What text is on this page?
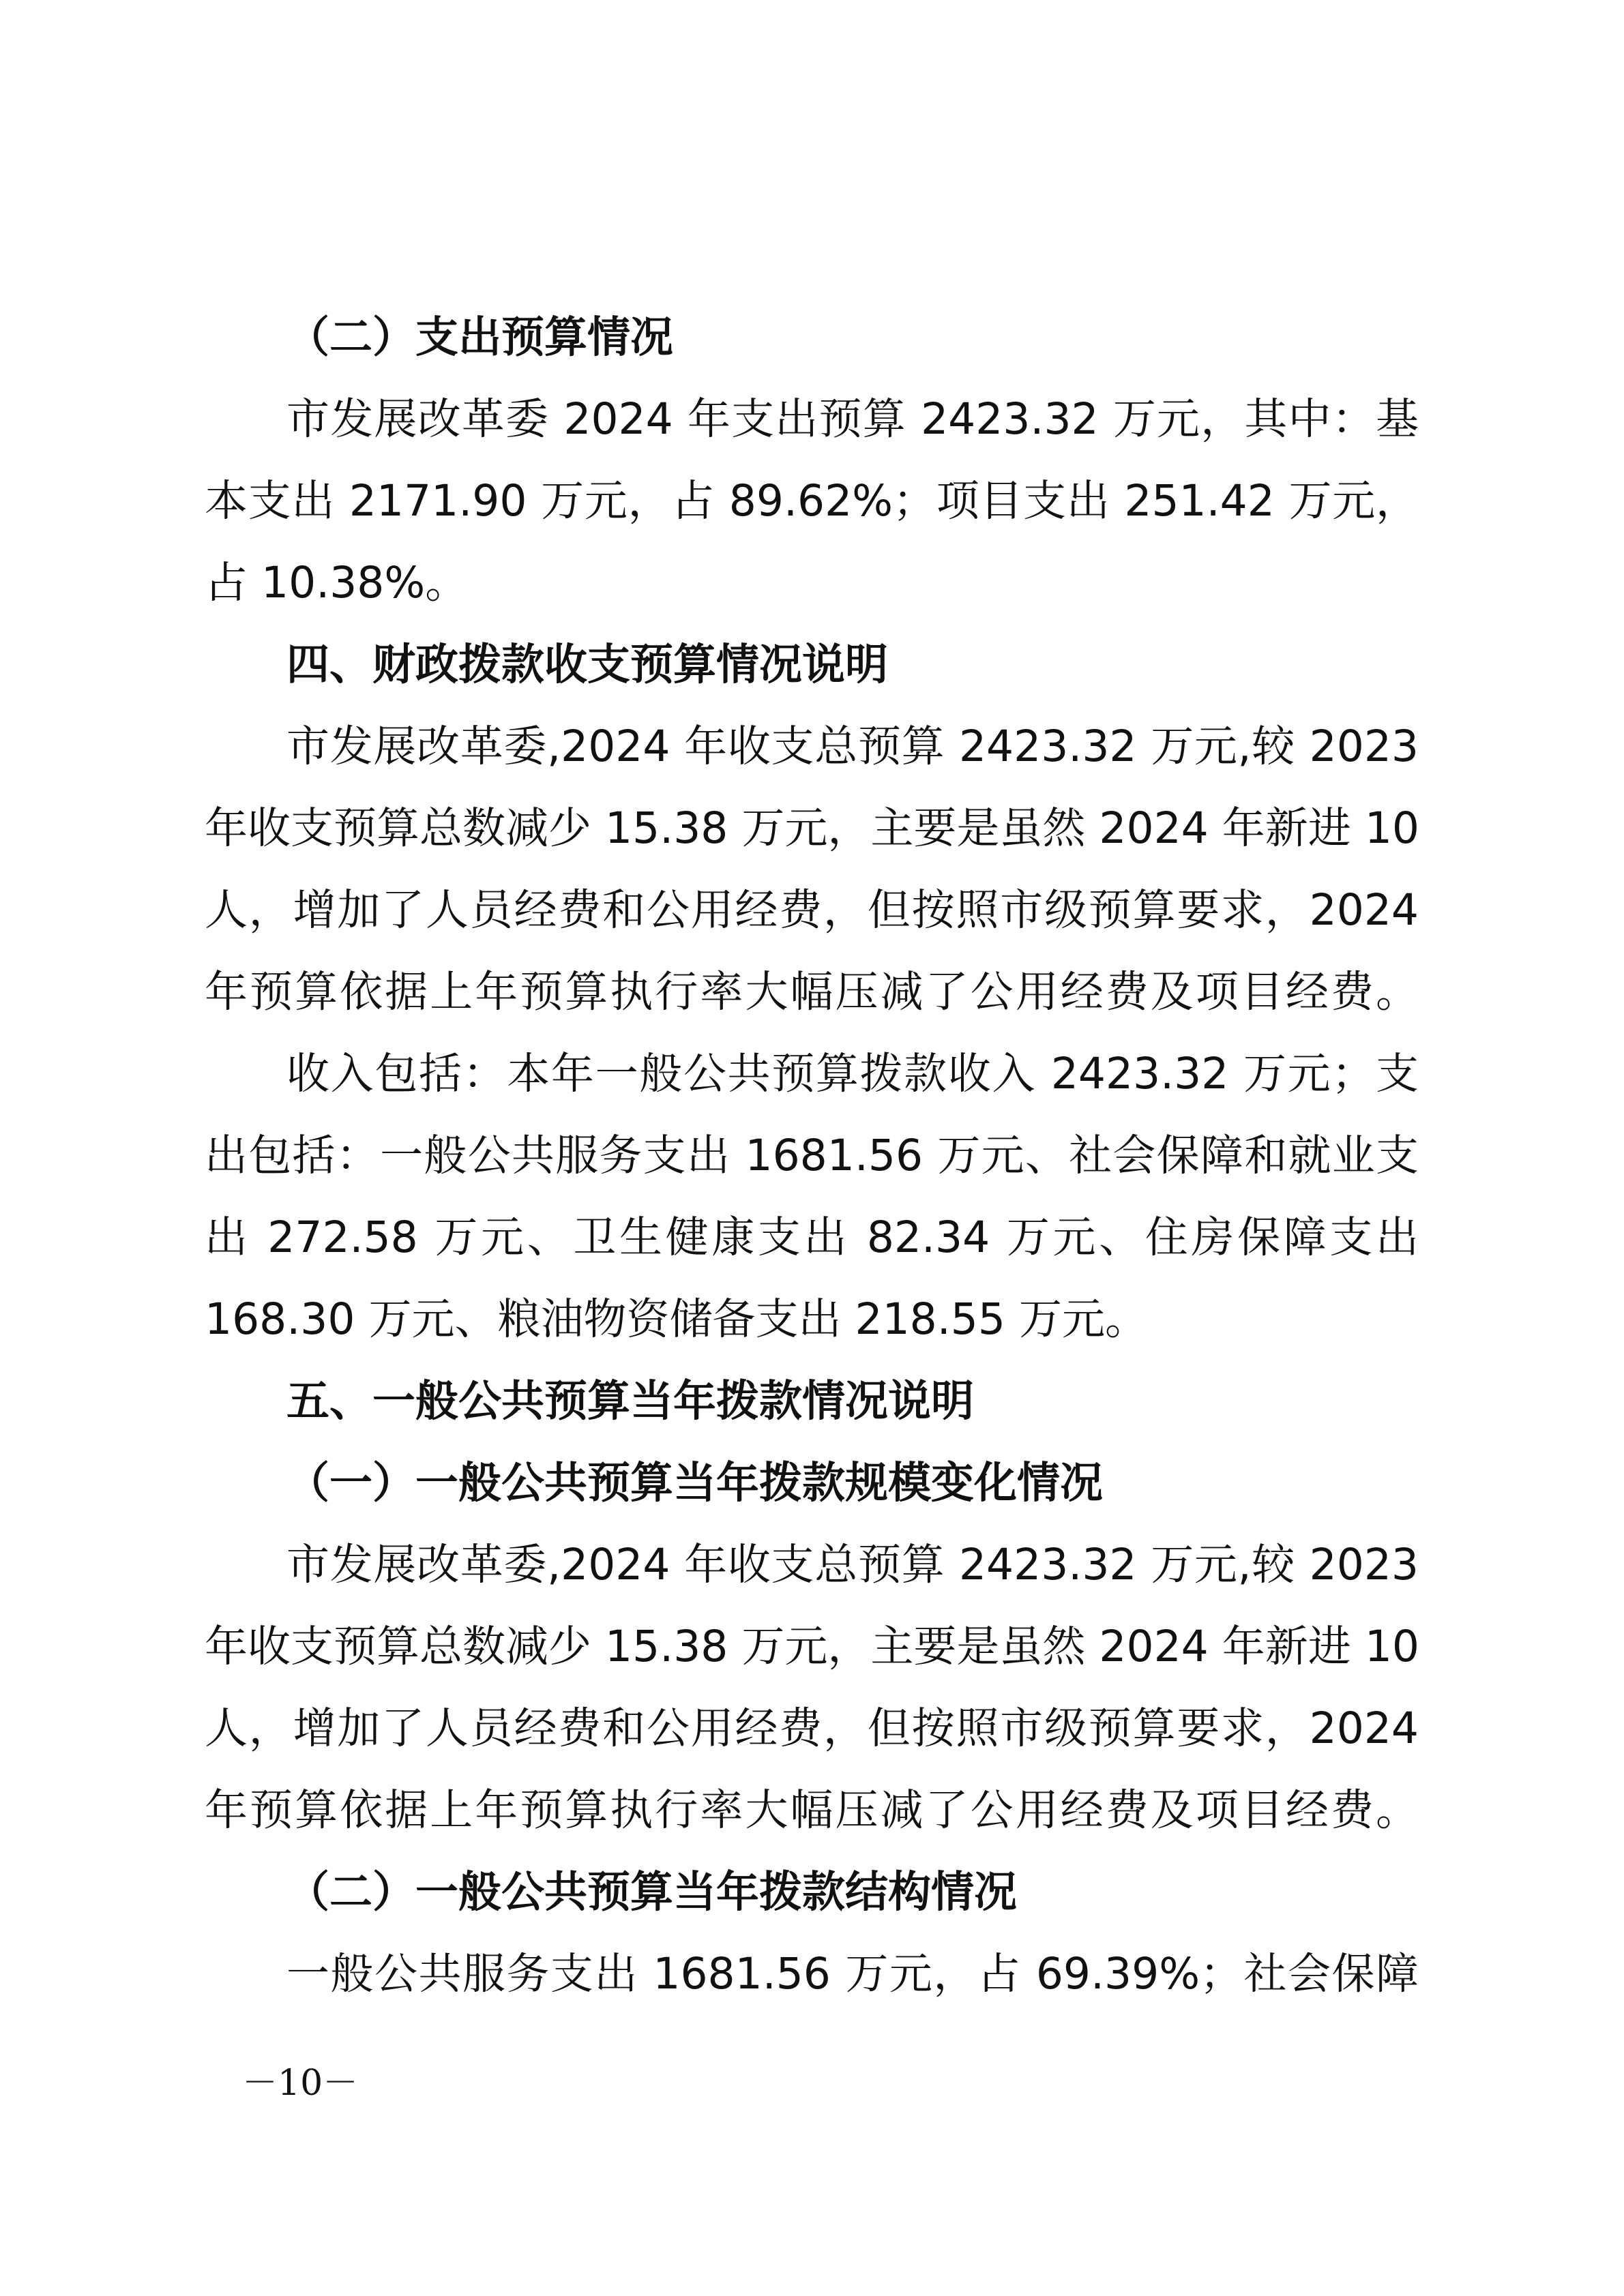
（二）支出预算情况
市发展改革委 2024 年支出预算 2423.32 万元，其中：基
本支出 2171.90 万元，占 89.62%；项目支出 251.42 万元，
占 10.38%。
四、财政拨款收支预算情况说明
市发展改革委,2024 年收支总预算 2423.32 万元,较 2023
年收支预算总数减少 15.38 万元，主要是虽然 2024 年新进 10
人，增加了人员经费和公用经费，但按照市级预算要求，2024
年预算依据上年预算执行率大幅压减了公用经费及项目经费。
收入包括：本年一般公共预算拨款收入 2423.32 万元；支
出包括：一般公共服务支出 1681.56 万元、社会保障和就业支
出 272.58 万元、卫生健康支出 82.34 万元、住房保障支出
168.30 万元、粮油物资储备支出 218.55 万元。
五、一般公共预算当年拨款情况说明
（一）一般公共预算当年拨款规模变化情况
市发展改革委,2024 年收支总预算 2423.32 万元,较 2023
年收支预算总数减少 15.38 万元，主要是虽然 2024 年新进 10
人，增加了人员经费和公用经费，但按照市级预算要求，2024
年预算依据上年预算执行率大幅压减了公用经费及项目经费。
（二）一般公共预算当年拨款结构情况
一般公共服务支出 1681.56 万元，占 69.39%；社会保障
－10－
